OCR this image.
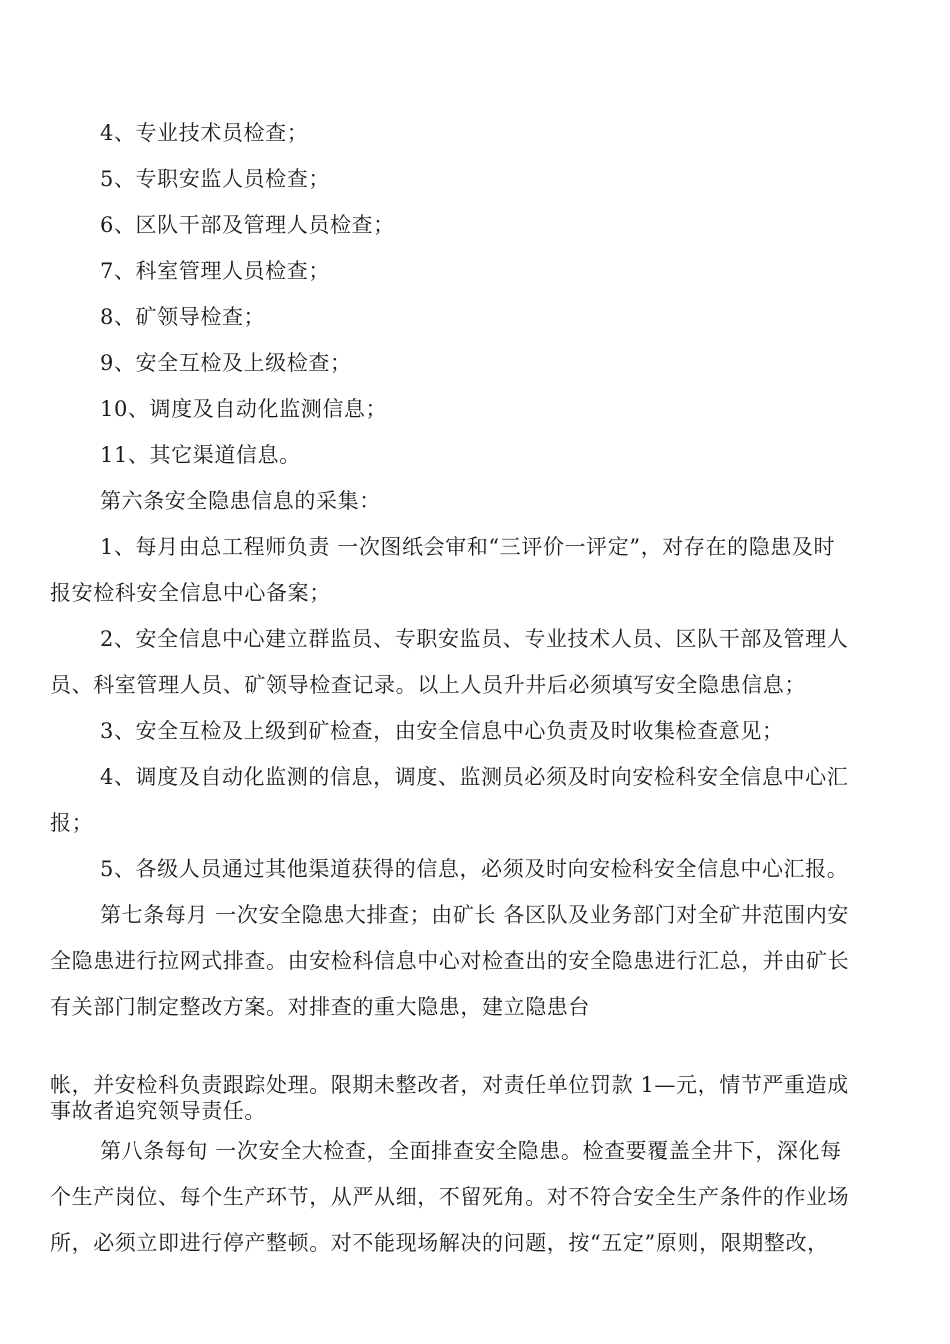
4、专业技术员检查；
5、专职安监人员检查；
6、区队干部及管理人员检查；
7、科室管理人员检查；
8、矿领导检查；
9、安全互检及上级检查；
10、调度及自动化监测信息；
11、其它渠道信息。
第六条安全隐患信息的采集：
1、每月由总工程师负责 一次图纸会审和“三评价一评定”，对存在的隐患及时
报安检科安全信息中心备案；
2、安全信息中心建立群监员、专职安监员、专业技术人员、区队干部及管理人
员、科室管理人员、矿领导检查记录。以上人员升井后必须填写安全隐患信息；
3、安全互检及上级到矿检查，由安全信息中心负责及时收集检查意见；
4、调度及自动化监测的信息，调度、监测员必须及时向安检科安全信息中心汇
报；
5、各级人员通过其他渠道获得的信息，必须及时向安检科安全信息中心汇报。
第七条每月 一次安全隐患大排查；由矿长 各区队及业务部门对全矿井范围内安
全隐患进行拉网式排查。由安检科信息中心对检查出的安全隐患进行汇总，并由矿长
有关部门制定整改方案。对排查的重大隐患，建立隐患台
帐，并安检科负责跟踪处理。限期未整改者，对责任单位罚款 1—元，情节严重造成
事故者追究领导责任。
第八条每旬 一次安全大检查，全面排查安全隐患。检查要覆盖全井下，深化每
个生产岗位、每个生产环节，从严从细，不留死角。对不符合安全生产条件的作业场
所，必须立即进行停产整顿。对不能现场解决的问题，按“五定”原则，限期整改，
